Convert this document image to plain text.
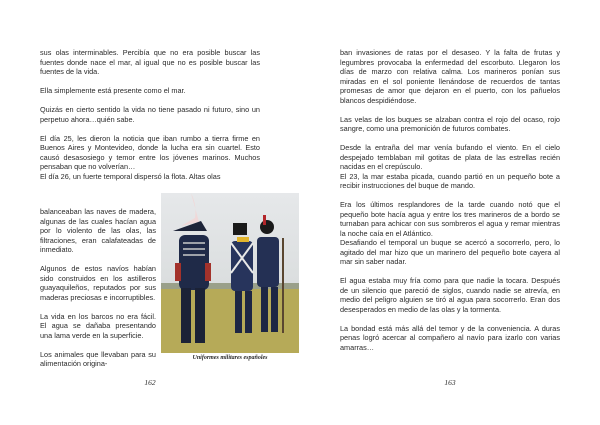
sus olas interminables. Percibía que no era posible buscar las fuentes donde nace el mar, al igual que no es posible buscar las fuentes de la vida.

Ella simplemente está presente como el mar.

Quizás en cierto sentido la vida no tiene pasado ni futuro, sino un perpetuo ahora…quién sabe.

El día 25, les dieron la noticia que iban rumbo a tierra firme en Buenos Aires y Montevideo, donde la lucha era sin cuartel. Esto causó desasosiego y temor entre los jóvenes marinos. Muchos pensaban que no volverían…

El día 26, un fuerte temporal dispersó la flota. Altas olas

balanceaban las naves de madera, algunas de las cuales hacían agua por lo violento de las olas, las filtraciones, eran calafateadas de inmediato.

Algunos de estos navíos habían sido construidos en los astilleros guayaquileños, reputados por sus maderas preciosas e incorruptibles.

La vida en los barcos no era fácil. El agua se dañaba presentando una lama verde en la superficie.

Los animales que llevaban para su alimentación origina-

Uniformes militares españoles
162

ban invasiones de ratas por el desaseo. Y la falta de frutas y legumbres provocaba la enfermedad del escorbuto. Llegaron los días de marzo con relativa calma. Los marineros ponían sus miradas en el sol poniente llenándose de recuerdos de tantas promesas de amor que dejaron en el puerto, con los pañuelos blancos despidiéndose.

Las velas de los buques se alzaban contra el rojo del ocaso, rojo sangre, como una premonición de futuros combates.

Desde la entraña del mar venía bufando el viento. En el cielo despejado temblaban mil gotitas de plata de las estrellas recién nacidas en el crepúsculo.

El 23, la mar estaba picada, cuando partió en un pequeño bote a recibir instrucciones del buque de mando.

Era los últimos resplandores de la tarde cuando notó que el pequeño bote hacía agua y entre los tres marineros de a bordo se turnaban para achicar con sus sombreros el agua y remar mientras la noche caía en el Atlántico.

Desafiando el temporal un buque se acercó a socorrerlo, pero, lo agitado del mar hizo que un marinero del pequeño bote cayera al mar sin saber nadar.

El agua estaba muy fría como para que nadie la tocara. Después de un silencio que pareció de siglos, cuando nadie se atrevía, en medio del peligro alguien se tiró al agua para socorrerlo. Eran dos desesperados en medio de las olas y la tormenta.

La bondad está más allá del temor y de la conveniencia. A duras penas logró acercar al compañero al navío para izarlo con varias amarras…

163
